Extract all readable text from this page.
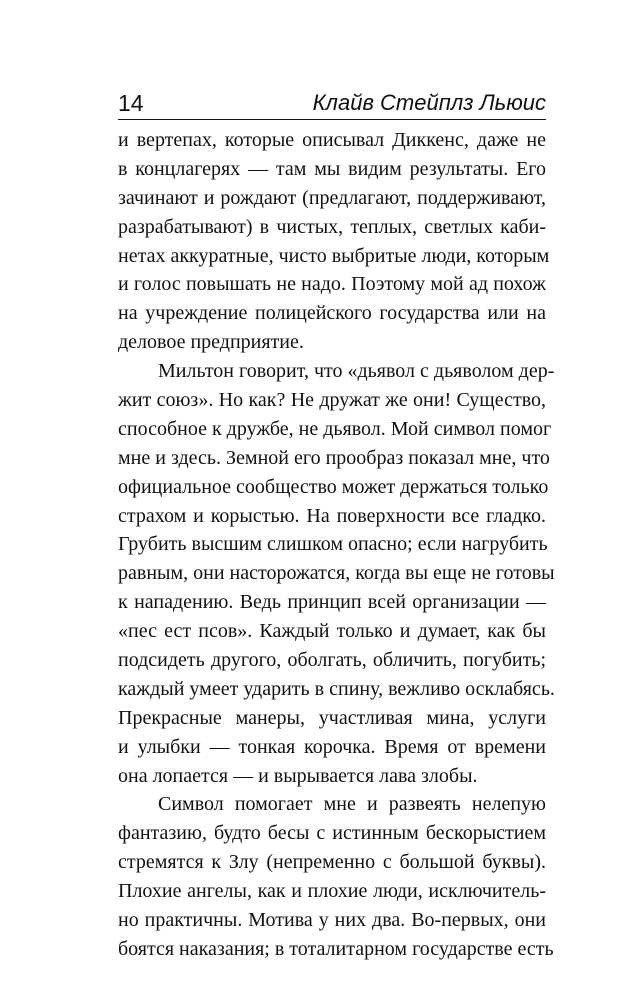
14	Клайв Стейплз Льюис
и вертепах, которые описывал Диккенс, даже не
в концлагерях — там мы видим результаты. Его
зачинают и рождают (предлагают, поддерживают,
разрабатывают) в чистых, теплых, светлых каби-
нетах аккуратные, чисто выбритые люди, которым
и голос повышать не надо. Поэтому мой ад похож
на учреждение полицейского государства или на
деловое предприятие.
Мильтон говорит, что «дьявол с дьяволом дер-
жит союз». Но как? Не дружат же они! Существо,
способное к дружбе, не дьявол. Мой символ помог
мне и здесь. Земной его прообраз показал мне, что
официальное сообщество может держаться только
страхом и корыстью. На поверхности все гладко.
Грубить высшим слишком опасно; если нагрубить
равным, они насторожатся, когда вы еще не готовы
к нападению. Ведь принцип всей организации —
«пес ест псов». Каждый только и думает, как бы
подсидеть другого, оболгать, обличить, погубить;
каждый умеет ударить в спину, вежливо осклабясь.
Прекрасные манеры, участливая мина, услуги
и улыбки — тонкая корочка. Время от времени
она лопается — и вырывается лава злобы.
Символ помогает мне и развеять нелепую
фантазию, будто бесы с истинным бескорыстием
стремятся к Злу (непременно с большой буквы).
Плохие ангелы, как и плохие люди, исключитель-
но практичны. Мотива у них два. Во-первых, они
боятся наказания; в тоталитарном государстве есть
